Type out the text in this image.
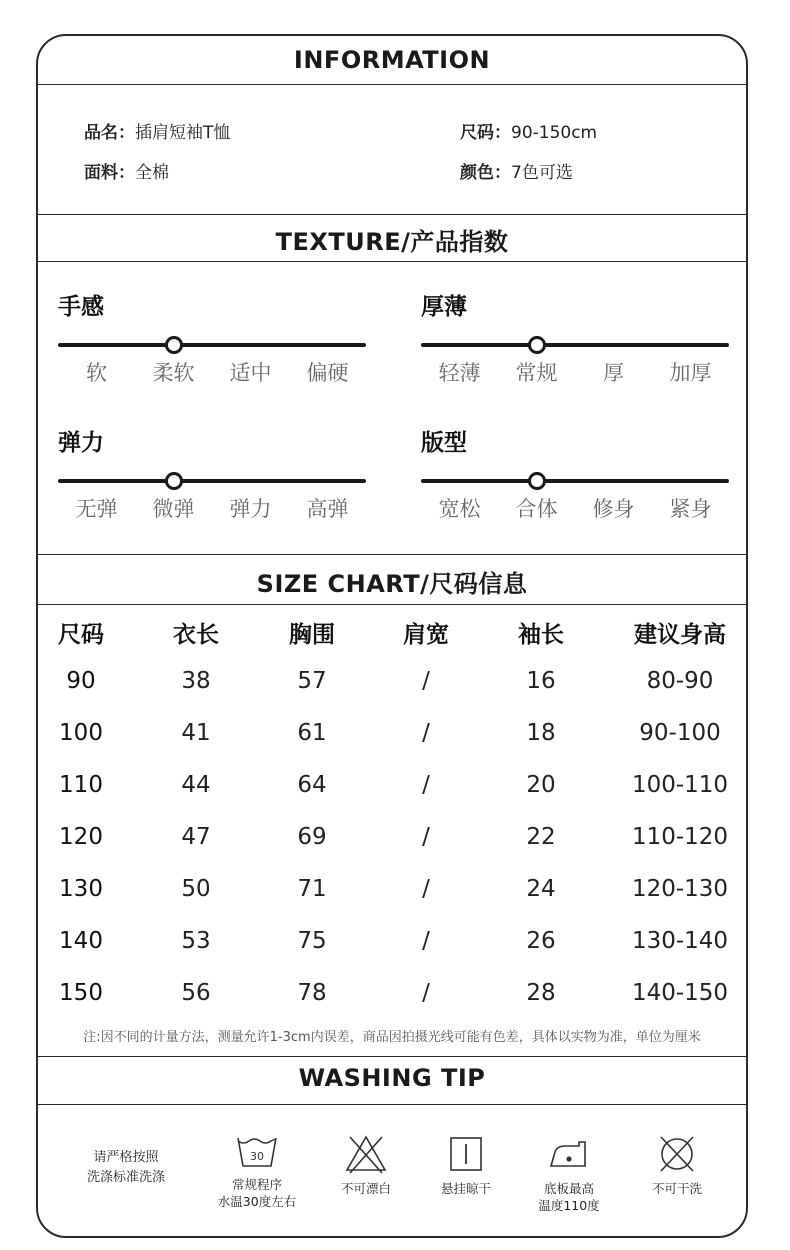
INFORMATION
品名：插肩短袖T恤	尺码：90-150cm
面料：全棉	颜色：7色可选
TEXTURE/产品指数
手感
软	柔软	适中	偏硬
厚薄
轻薄	常规	厚	加厚
弹力
无弹	微弹	弹力	高弹
版型
宽松	合体	修身	紧身
SIZE CHART/尺码信息
尺码	衣长	胸围	肩宽	袖长	建议身高
90	38	57	/	16	80-90
100	41	61	/	18	90-100
110	44	64	/	20	100-110
120	47	69	/	22	110-120
130	50	71	/	24	120-130
140	53	75	/	26	130-140
150	56	78	/	28	140-150
注:因不同的计量方法，测量允许1-3cm内误差，商品因拍摄光线可能有色差，具体以实物为准，单位为厘米
WASHING TIP
请严格按照
洗涤标准洗涤
30
常规程序
水温30度左右
不可漂白	悬挂晾干	底板最高
温度110度
不可干洗
